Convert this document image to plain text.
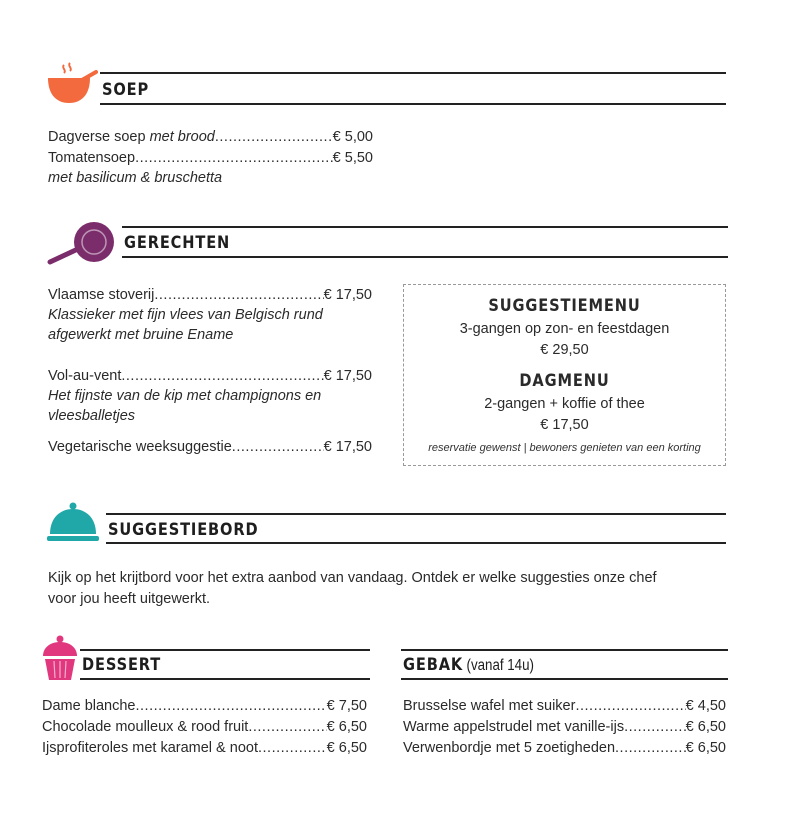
SOEP
Dagverse soep met brood .....	€ 5,00
Tomatensoep .....	€ 5,50
met basilicum & bruschetta
GERECHTEN
Vlaamse stoverij .....	€ 17,50
Klassieker met fijn vlees van Belgisch rund
afgewerkt met bruine Ename
Vol-au-vent .....	€ 17,50
Het fijnste van de kip met champignons en
vleesballetjes
Vegetarische weeksuggestie .....	€ 17,50
SUGGESTIEMENU
3-gangen op zon- en feestdagen
€ 29,50
DAGMENU
2-gangen + koffie of thee
€ 17,50
reservatie gewenst | bewoners genieten van een korting
SUGGESTIEBORD
Kijk op het krijtbord voor het extra aanbod van vandaag. Ontdek er welke suggesties onze chef
voor jou heeft uitgewerkt.
DESSERT
Dame blanche .....	€ 7,50
Chocolade moulleux & rood fruit .....	€ 6,50
Ijsprofiteroles met karamel & noot .....	€ 6,50
GEBAK (vanaf 14u)
Brusselse wafel met suiker .....	€ 4,50
Warme appelstrudel met vanille-ijs .....	€ 6,50
Verwenbordje met 5 zoetigheden .....	€ 6,50
